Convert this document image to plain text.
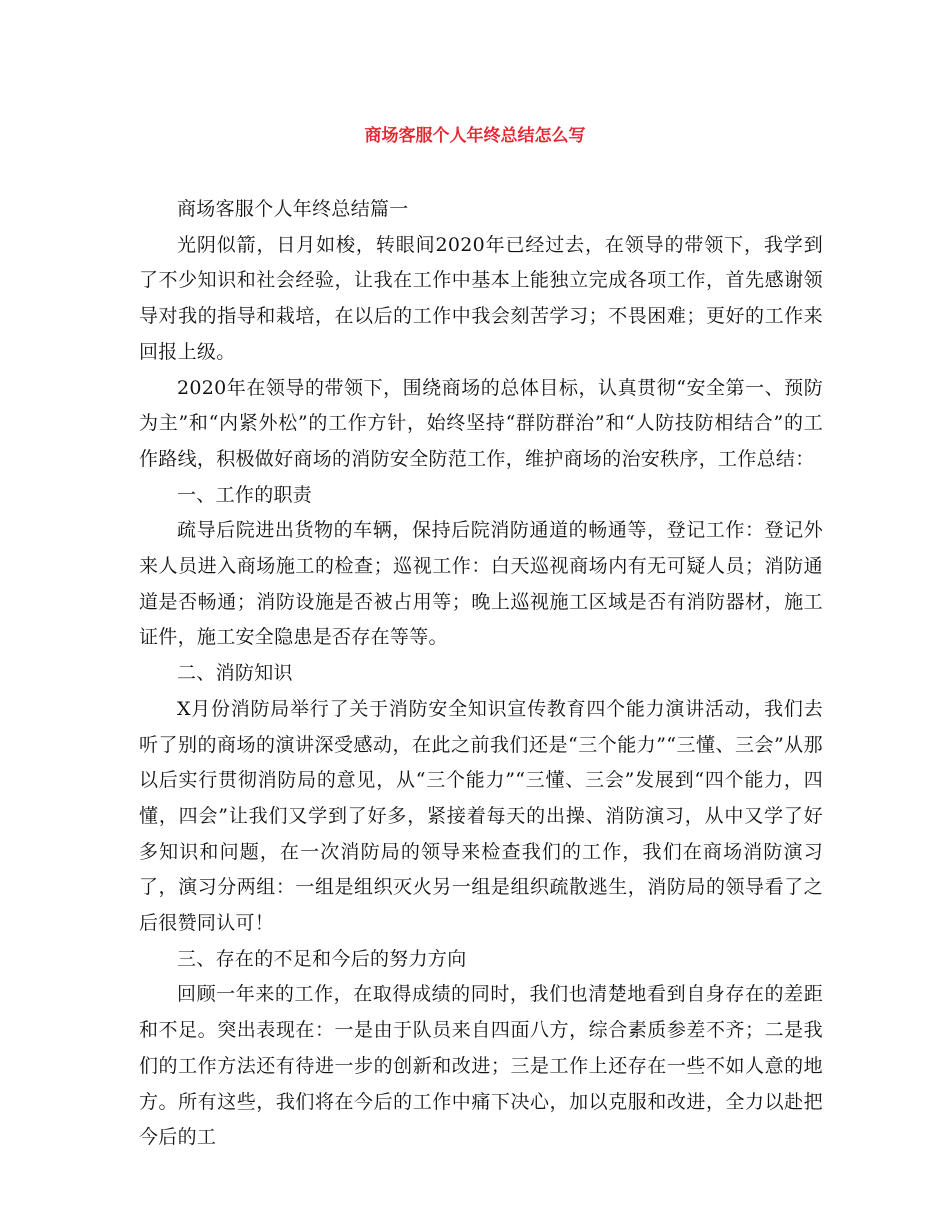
商场客服个人年终总结怎么写

商场客服个人年终总结篇一

光阴似箭，日月如梭，转眼间2020年已经过去，在领导的带领下，我学到了不少知识和社会经验，让我在工作中基本上能独立完成各项工作，首先感谢领导对我的指导和栽培，在以后的工作中我会刻苦学习；不畏困难；更好的工作来回报上级。

2020年在领导的带领下，围绕商场的总体目标，认真贯彻“安全第一、预防为主”和“内紧外松”的工作方针，始终坚持“群防群治”和“人防技防相结合”的工作路线，积极做好商场的消防安全防范工作，维护商场的治安秩序，工作总结：

一、工作的职责

疏导后院进出货物的车辆，保持后院消防通道的畅通等，登记工作：登记外来人员进入商场施工的检查；巡视工作：白天巡视商场内有无可疑人员；消防通道是否畅通；消防设施是否被占用等；晚上巡视施工区域是否有消防器材，施工证件，施工安全隐患是否存在等等。

二、消防知识

X月份消防局举行了关于消防安全知识宣传教育四个能力演讲活动，我们去听了别的商场的演讲深受感动，在此之前我们还是“三个能力”“三懂、三会”从那以后实行贯彻消防局的意见，从“三个能力”“三懂、三会”发展到“四个能力，四懂，四会”让我们又学到了好多，紧接着每天的出操、消防演习，从中又学了好多知识和问题，在一次消防局的领导来检查我们的工作，我们在商场消防演习了，演习分两组：一组是组织灭火另一组是组织疏散逃生，消防局的领导看了之后很赞同认可！

三、存在的不足和今后的努力方向

回顾一年来的工作，在取得成绩的同时，我们也清楚地看到自身存在的差距和不足。突出表现在：一是由于队员来自四面八方，综合素质参差不齐；二是我们的工作方法还有待进一步的创新和改进；三是工作上还存在一些不如人意的地方。所有这些，我们将在今后的工作中痛下决心，加以克服和改进，全力以赴把今后的工
